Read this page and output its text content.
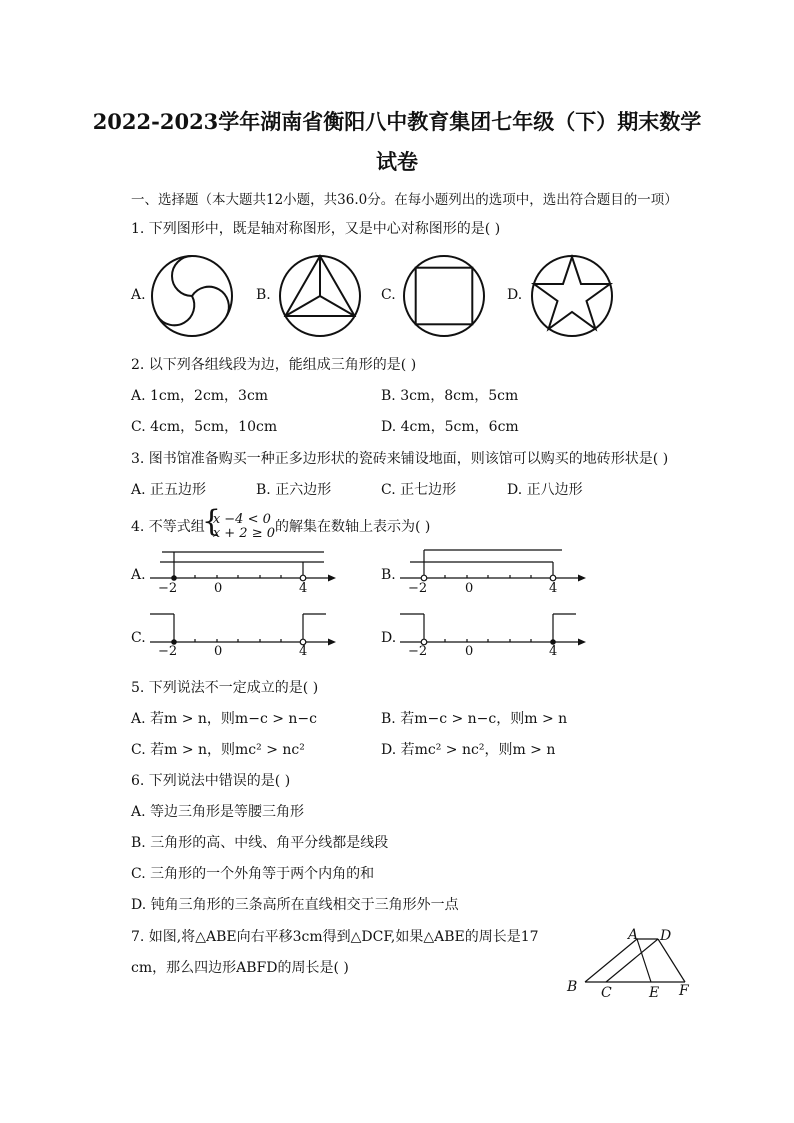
2022-2023学年湖南省衡阳八中教育集团七年级（下）期末数学
试卷
一、选择题（本大题共12小题，共36.0分。在每小题列出的选项中，选出符合题目的一项）
1. 下列图形中，既是轴对称图形，又是中心对称图形的是( )
A.	B.	C.	D.
2. 以下列各组线段为边，能组成三角形的是( )
A. 1cm，2cm，3cm	B. 3cm，8cm，5cm
C. 4cm，5cm，10cm	D. 4cm，5cm，6cm
3. 图书馆准备购买一种正多边形状的瓷砖来铺设地面，则该馆可以购买的地砖形状是( )
A. 正五边形	B. 正六边形	C. 正七边形	D. 正八边形
4. 不等式组
{ x −4 < 0
x + 2 ≥ 0 的解集在数轴上表示为( )
A.
−2	0	4
B.
−2	0	4
C.
−2	0	4
D.
−2	0	4
5. 下列说法不一定成立的是( )
A. 若m > n，则m−c > n−c	B. 若m−c > n−c，则m > n
C. 若m > n，则mc² > nc²	D. 若mc² > nc²，则m > n
6. 下列说法中错误的是( )
A. 等边三角形是等腰三角形
B. 三角形的高、中线、角平分线都是线段
C. 三角形的一个外角等于两个内角的和
D. 钝角三角形的三条高所在直线相交于三角形外一点
7. 如图,将△ABE向右平移3cm得到△DCF,如果△ABE的周长是17
cm，那么四边形ABFD的周长是( )
A D
B C	E F
